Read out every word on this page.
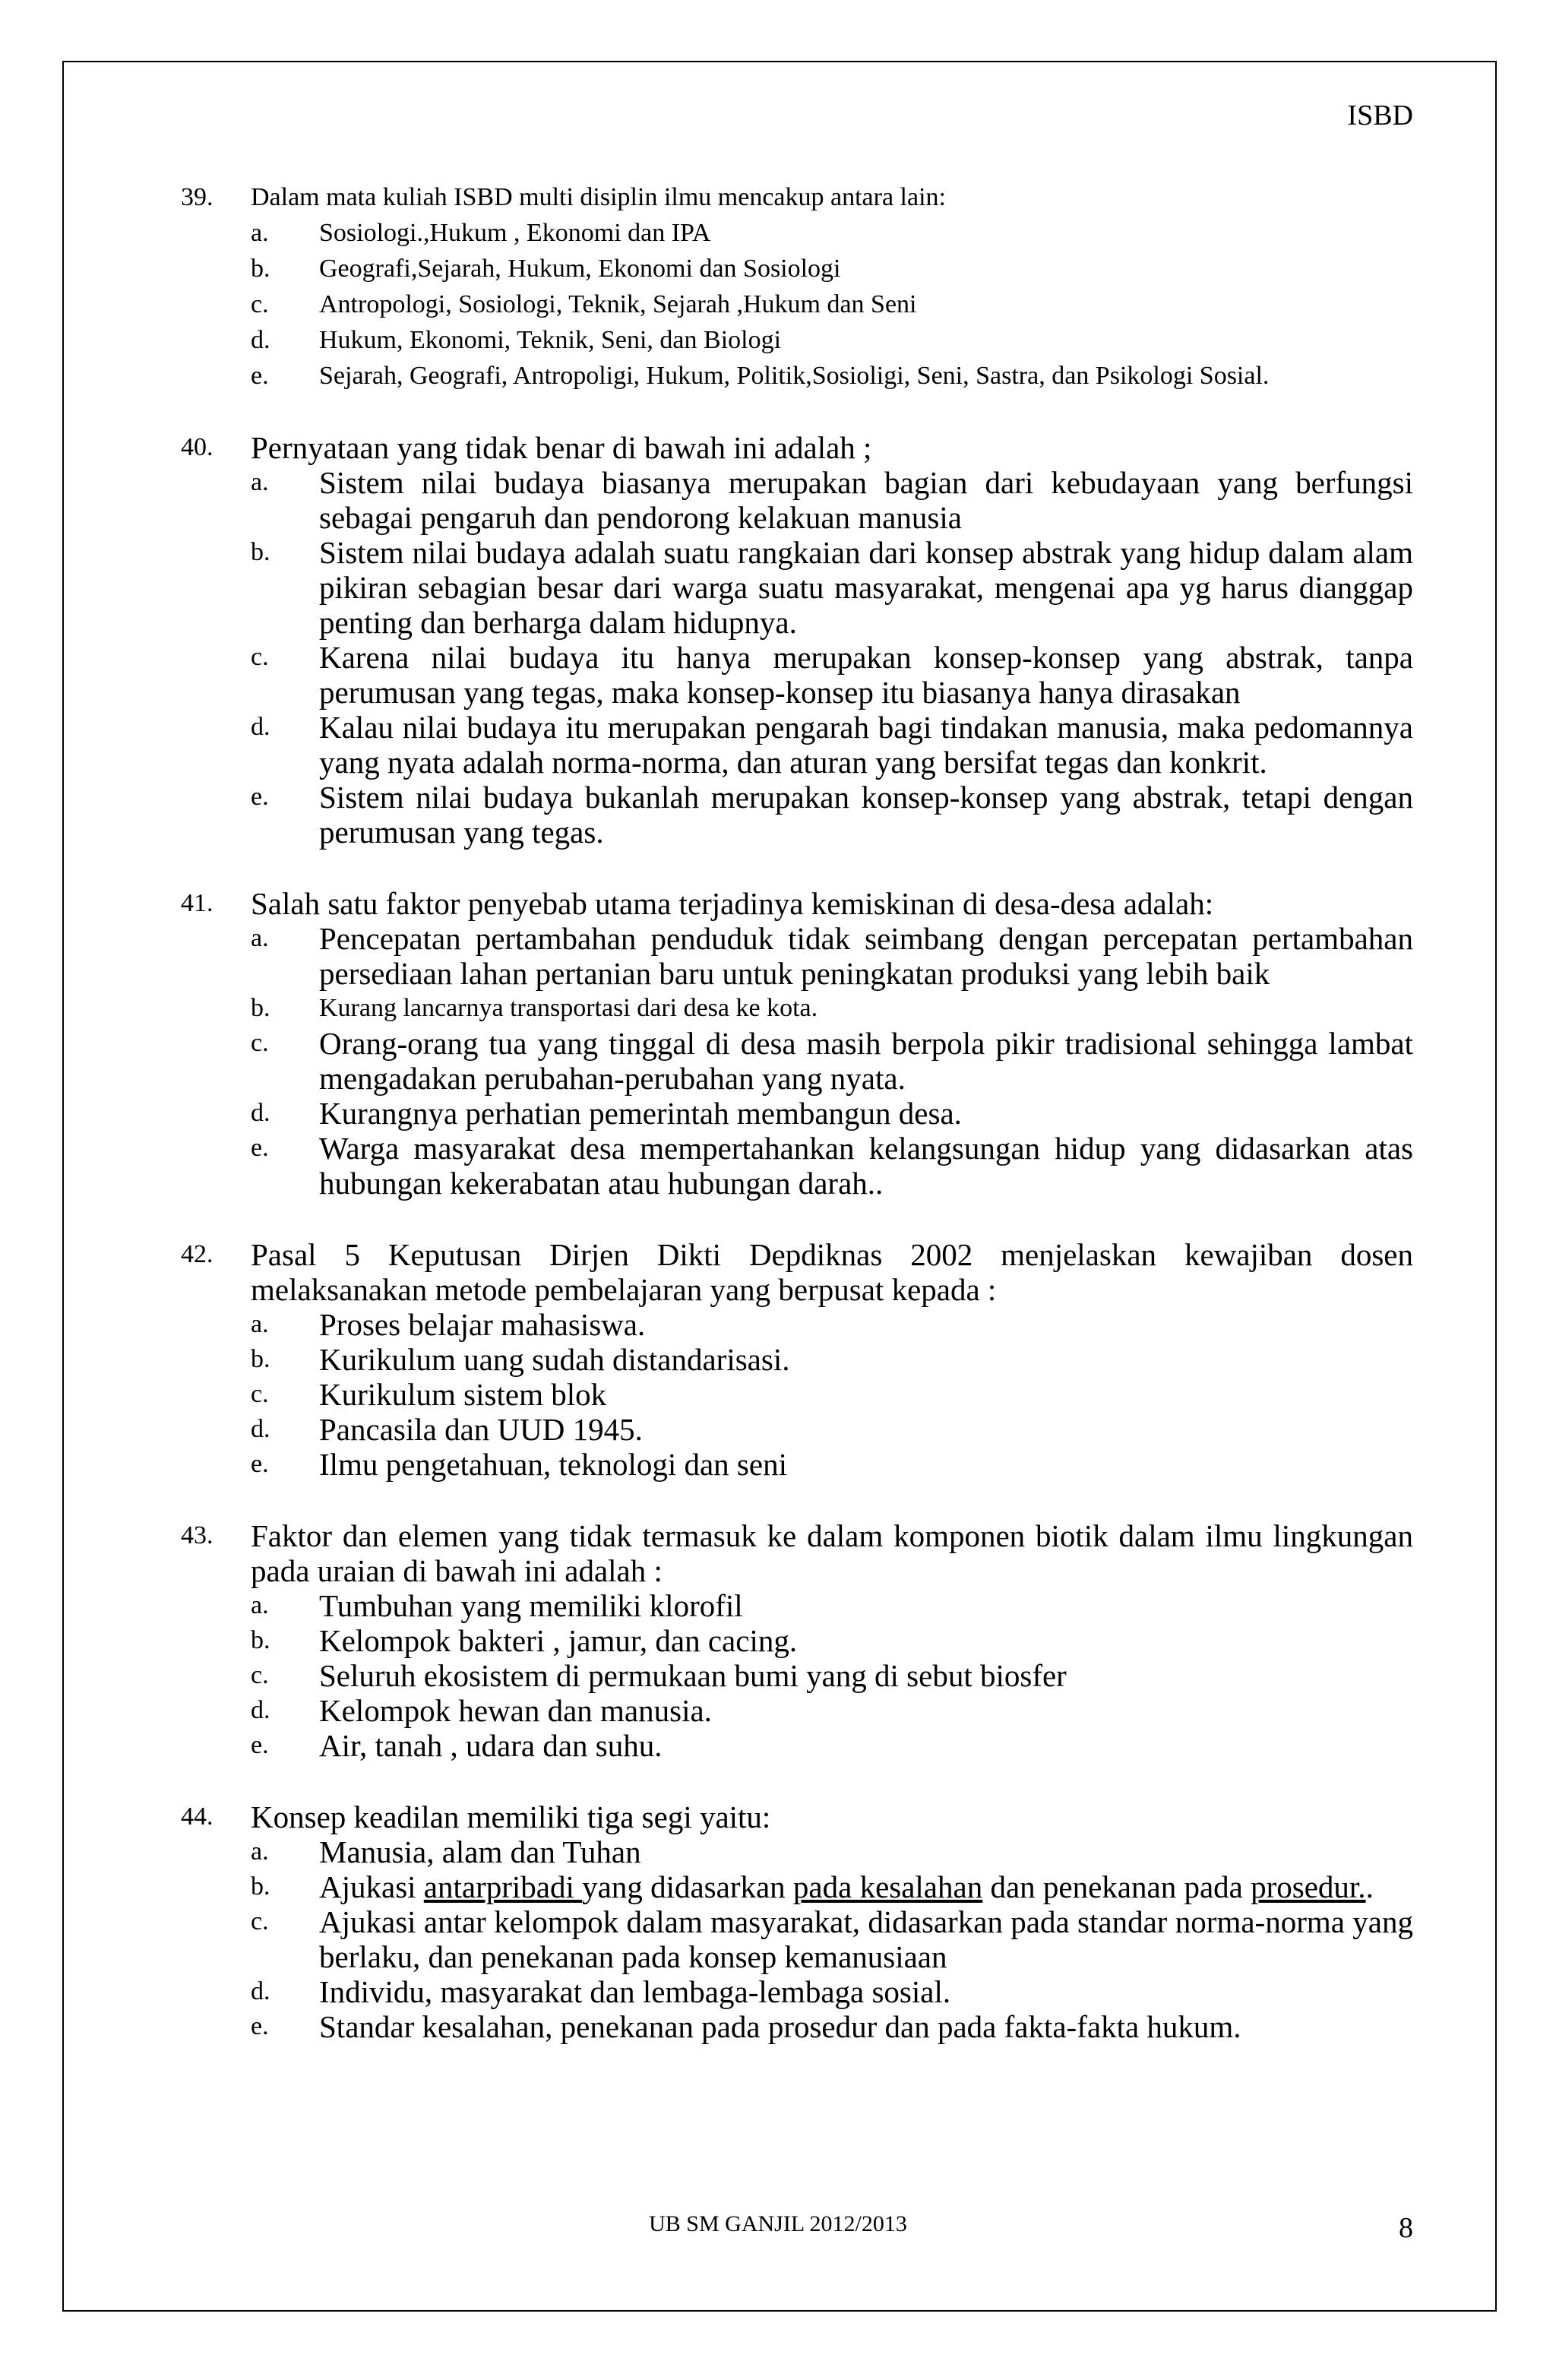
ISBD
39. Dalam mata kuliah ISBD multi disiplin ilmu mencakup antara lain:
a. Sosiologi.,Hukum , Ekonomi dan IPA
b. Geografi,Sejarah, Hukum, Ekonomi dan Sosiologi
c. Antropologi, Sosiologi, Teknik, Sejarah ,Hukum dan Seni
d. Hukum, Ekonomi, Teknik, Seni, dan Biologi
e. Sejarah, Geografi, Antropoligi, Hukum, Politik,Sosioligi, Seni, Sastra, dan Psikologi Sosial.
40. Pernyataan yang tidak benar di bawah ini adalah ;
a. Sistem nilai budaya biasanya merupakan bagian dari kebudayaan yang berfungsi sebagai pengaruh dan pendorong kelakuan manusia
b. Sistem nilai budaya adalah suatu rangkaian dari konsep abstrak yang hidup dalam alam pikiran sebagian besar dari warga suatu masyarakat, mengenai apa yg harus dianggap penting dan berharga dalam hidupnya.
c. Karena nilai budaya itu hanya merupakan konsep-konsep yang abstrak, tanpa perumusan yang tegas, maka konsep-konsep itu biasanya hanya dirasakan
d. Kalau nilai budaya itu merupakan pengarah bagi tindakan manusia, maka pedomannya yang nyata adalah norma-norma, dan aturan yang bersifat tegas dan konkrit.
e. Sistem nilai budaya bukanlah merupakan konsep-konsep yang abstrak, tetapi dengan perumusan yang tegas.
41. Salah satu faktor penyebab utama terjadinya kemiskinan di desa-desa adalah:
a. Pencepatan pertambahan penduduk tidak seimbang dengan percepatan pertambahan persediaan lahan pertanian baru untuk peningkatan produksi yang lebih baik
b. Kurang lancarnya transportasi dari desa ke kota.
c. Orang-orang tua yang tinggal di desa masih berpola pikir tradisional sehingga lambat mengadakan perubahan-perubahan yang nyata.
d. Kurangnya perhatian pemerintah membangun desa.
e. Warga masyarakat desa mempertahankan kelangsungan hidup yang didasarkan atas hubungan kekerabatan atau hubungan darah..
42. Pasal 5 Keputusan Dirjen Dikti Depdiknas 2002 menjelaskan kewajiban dosen melaksanakan metode pembelajaran yang berpusat kepada :
a. Proses belajar mahasiswa.
b. Kurikulum uang sudah distandarisasi.
c. Kurikulum sistem blok
d. Pancasila dan UUD 1945.
e. Ilmu pengetahuan, teknologi dan seni
43. Faktor dan elemen yang tidak termasuk ke dalam komponen biotik dalam ilmu lingkungan pada uraian di bawah ini adalah :
a. Tumbuhan yang memiliki klorofil
b. Kelompok bakteri , jamur, dan cacing.
c. Seluruh ekosistem di permukaan bumi yang di sebut biosfer
d. Kelompok hewan dan manusia.
e. Air, tanah , udara dan suhu.
44. Konsep keadilan memiliki tiga segi yaitu:
a. Manusia, alam dan Tuhan
b. Ajukasi antarpribadi yang didasarkan pada kesalahan dan penekanan pada prosedur..
c. Ajukasi antar kelompok dalam masyarakat, didasarkan pada standar norma-norma yang berlaku, dan penekanan pada konsep kemanusiaan
d. Individu, masyarakat dan lembaga-lembaga sosial.
e. Standar kesalahan, penekanan pada prosedur dan pada fakta-fakta hukum.
UB SM GANJIL 2012/2013	8
